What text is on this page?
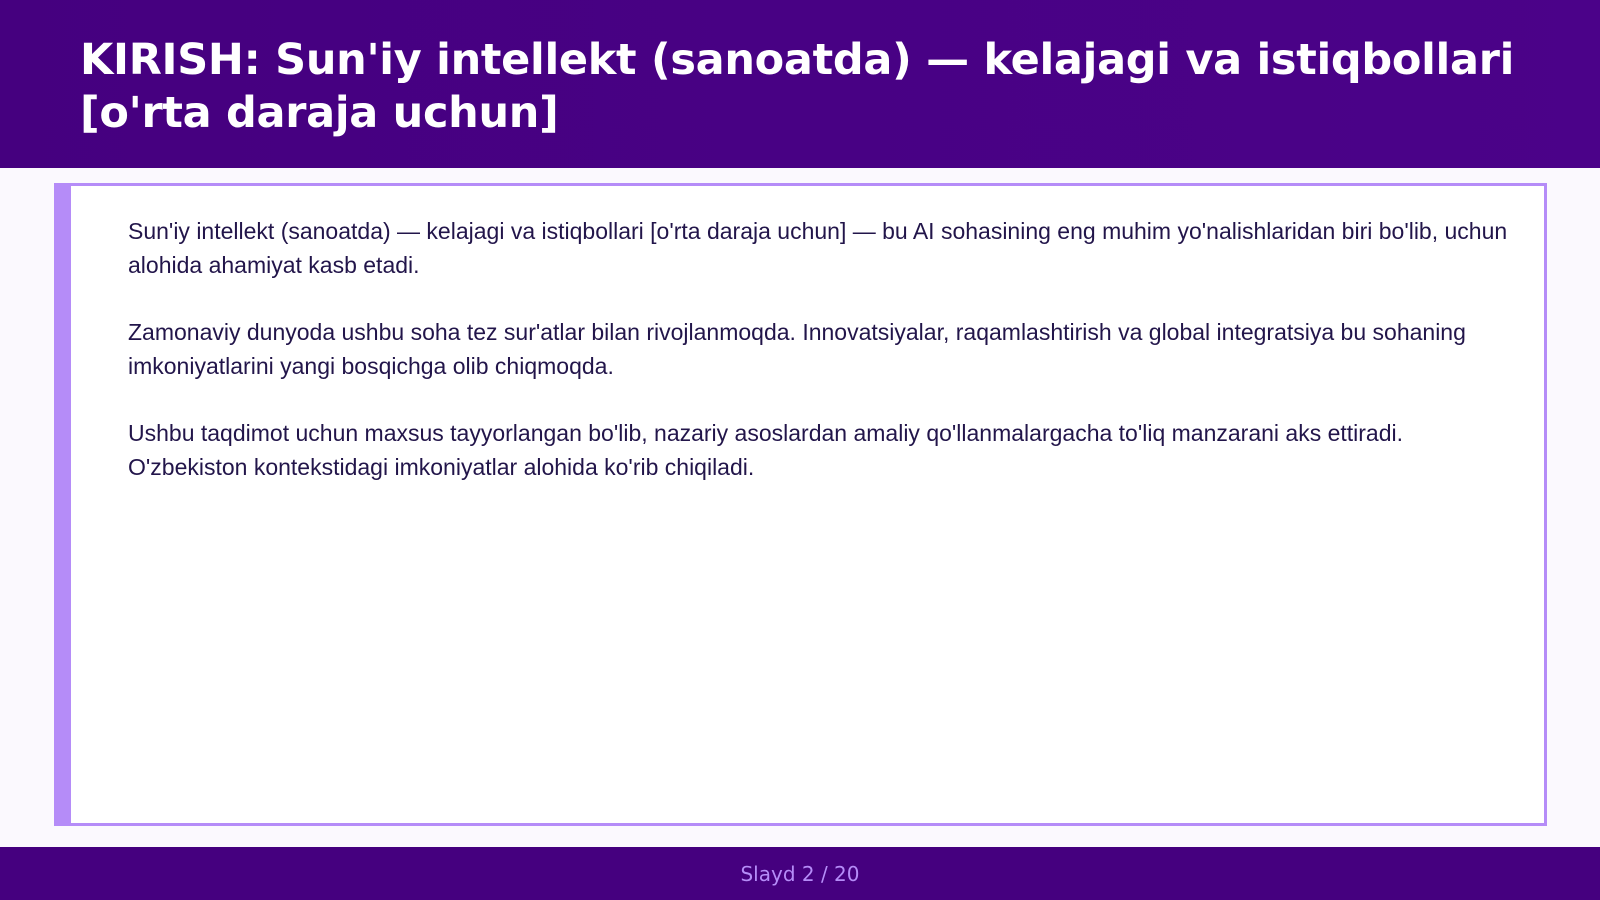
KIRISH: Sun'iy intellekt (sanoatda) — kelajagi va istiqbollari [o'rta daraja uchun]

Sun'iy intellekt (sanoatda) — kelajagi va istiqbollari [o'rta daraja uchun] — bu AI sohasining eng muhim yo'nalishlaridan biri bo'lib, uchun alohida ahamiyat kasb etadi.

Zamonaviy dunyoda ushbu soha tez sur'atlar bilan rivojlanmoqda. Innovatsiyalar, raqamlashtirish va global integratsiya bu sohaning imkoniyatlarini yangi bosqichga olib chiqmoqda.

Ushbu taqdimot uchun maxsus tayyorlangan bo'lib, nazariy asoslardan amaliy qo'llanmalargacha to'liq manzarani aks ettiradi. O'zbekiston kontekstidagi imkoniyatlar alohida ko'rib chiqiladi.

Slayd 2 / 20
